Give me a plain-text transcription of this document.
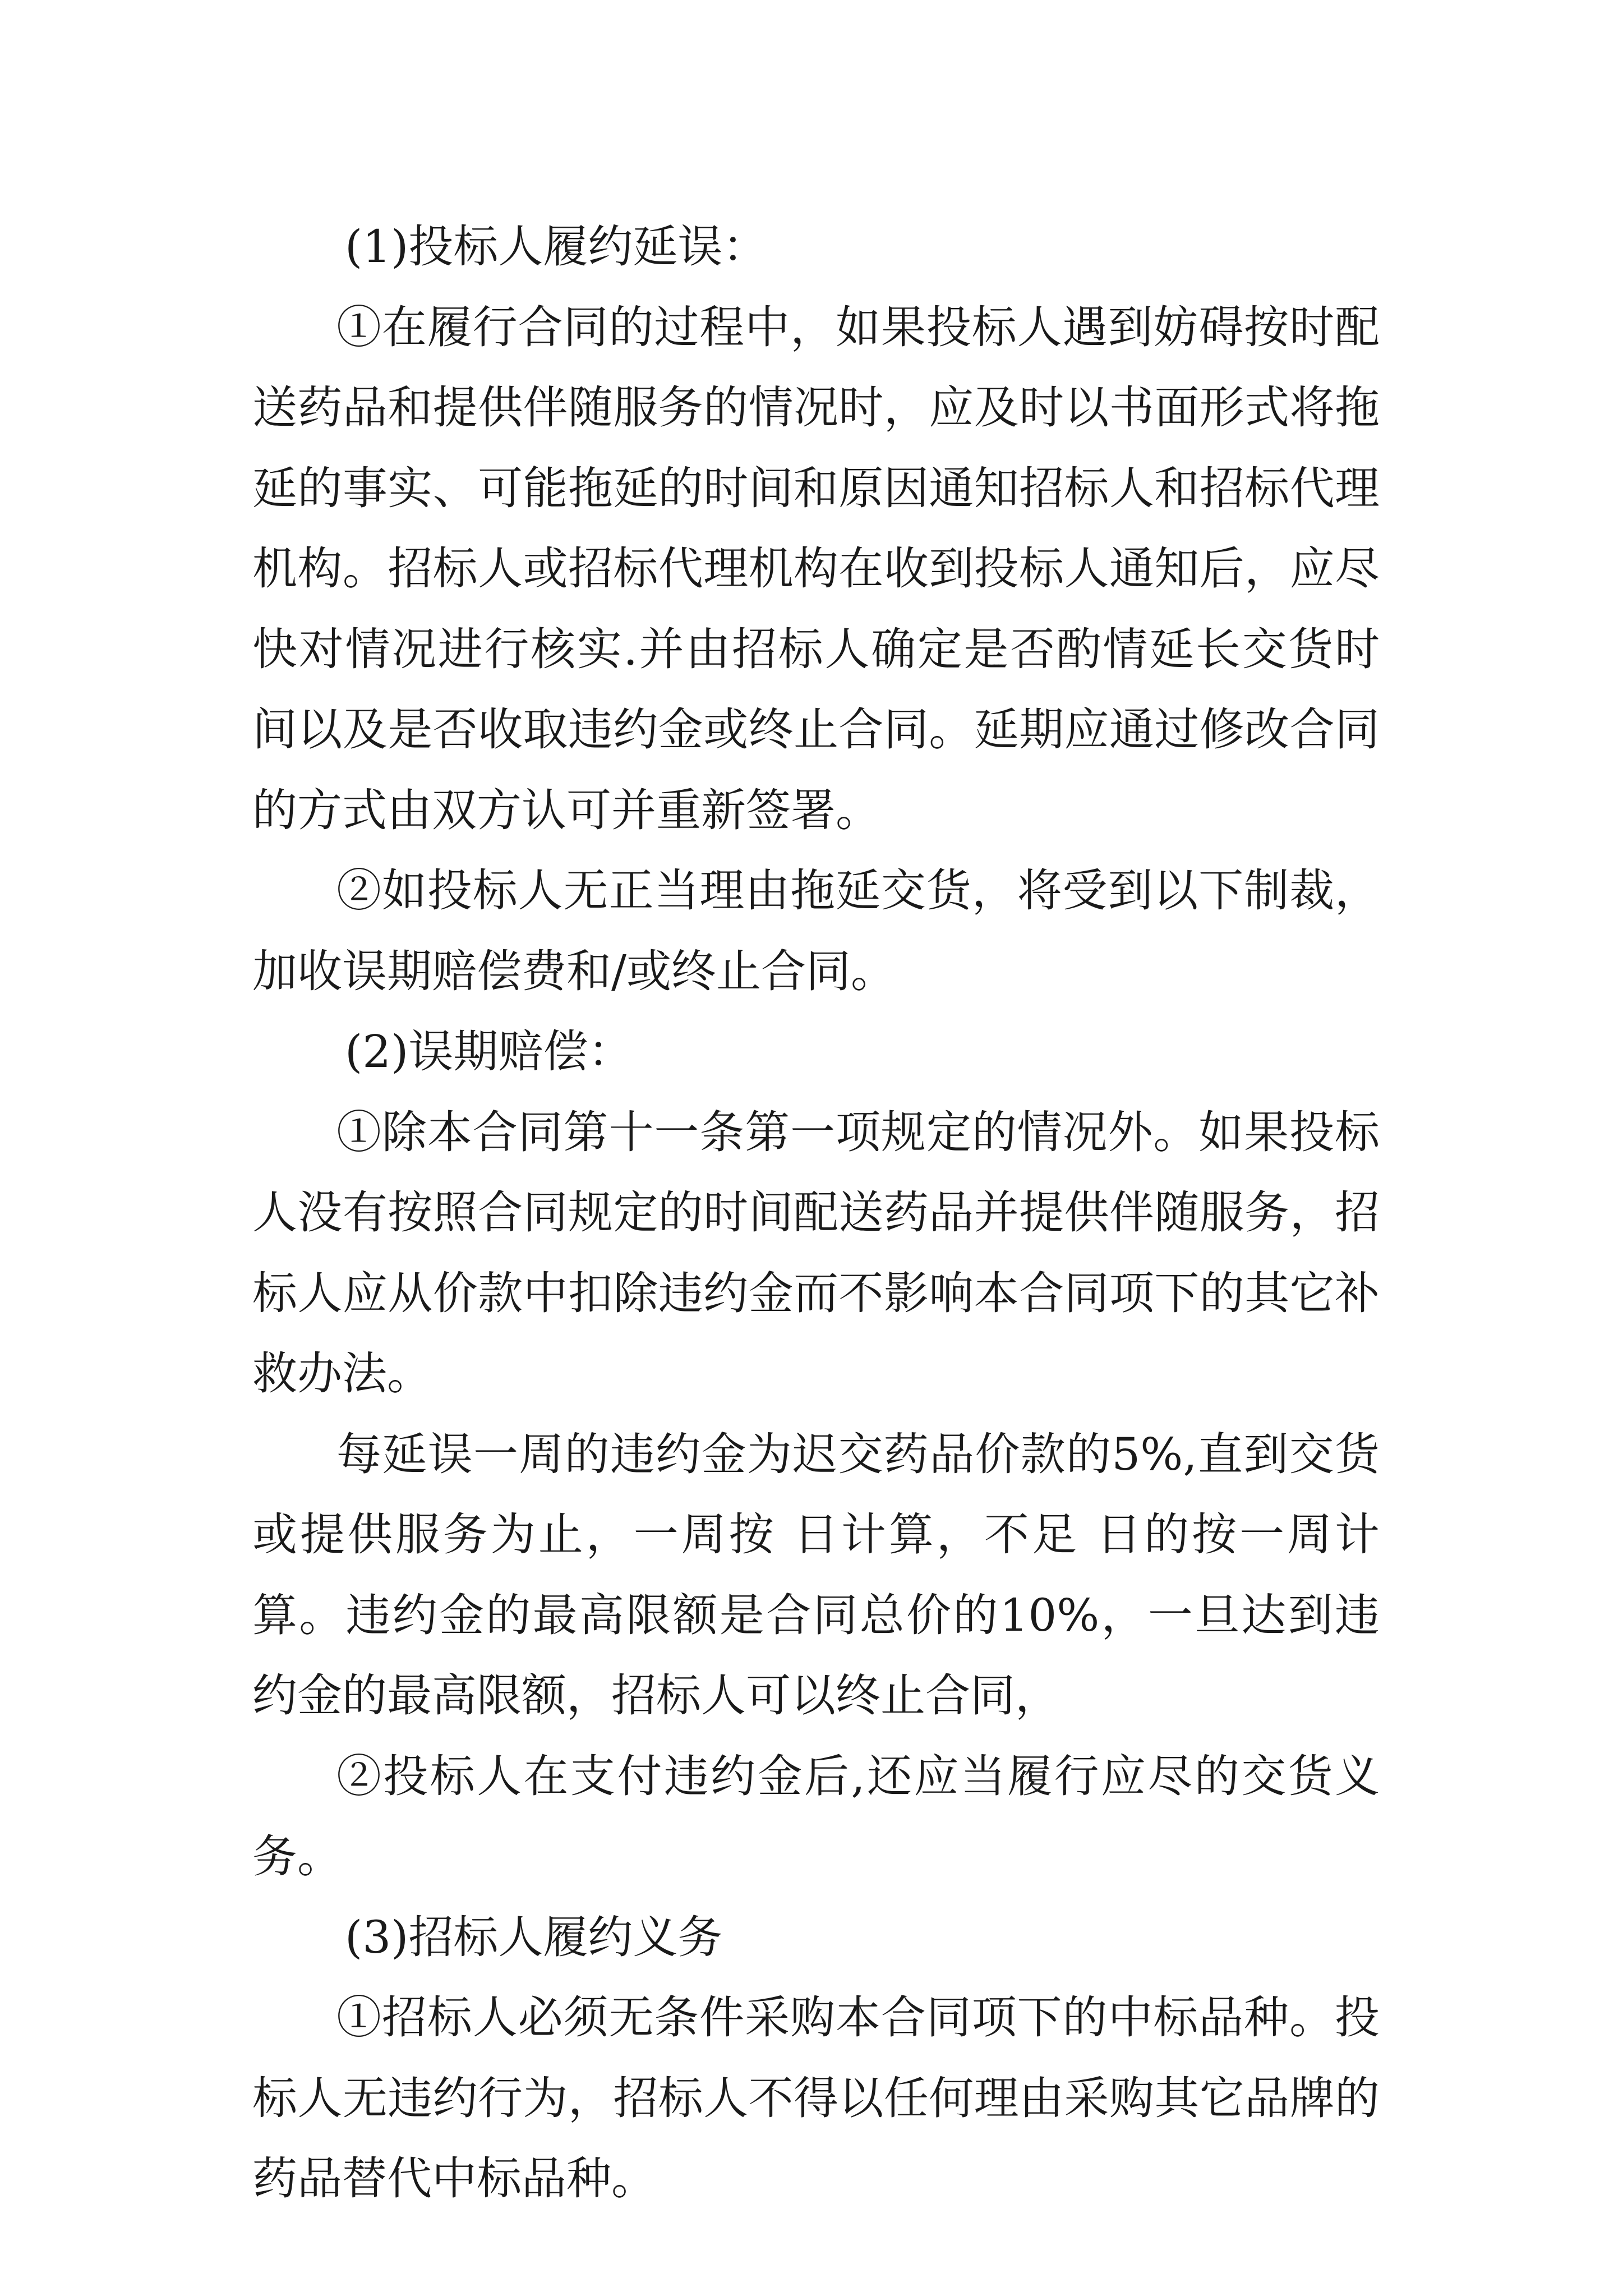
(1)投标人履约延误：

①在履行合同的过程中，如果投标人遇到妨碍按时配送药品和提供伴随服务的情况时，应及时以书面形式将拖延的事实、可能拖延的时间和原因通知招标人和招标代理机构。招标人或招标代理机构在收到投标人通知后，应尽快对情况进行核实.并由招标人确定是否酌情延长交货时间以及是否收取违约金或终止合同。延期应通过修改合同的方式由双方认可并重新签署。

②如投标人无正当理由拖延交货，将受到以下制裁，加收误期赔偿费和/或终止合同。

(2)误期赔偿：

①除本合同第十一条第一项规定的情况外。如果投标人没有按照合同规定的时间配送药品并提供伴随服务，招标人应从价款中扣除违约金而不影响本合同项下的其它补救办法。

每延误一周的违约金为迟交药品价款的5%,直到交货或提供服务为止，一周按 日计算，不足 日的按一周计算。违约金的最高限额是合同总价的10%，一旦达到违约金的最高限额，招标人可以终止合同，

②投标人在支付违约金后,还应当履行应尽的交货义务。

(3)招标人履约义务

①招标人必须无条件采购本合同项下的中标品种。投标人无违约行为，招标人不得以任何理由采购其它品牌的药品替代中标品种。
